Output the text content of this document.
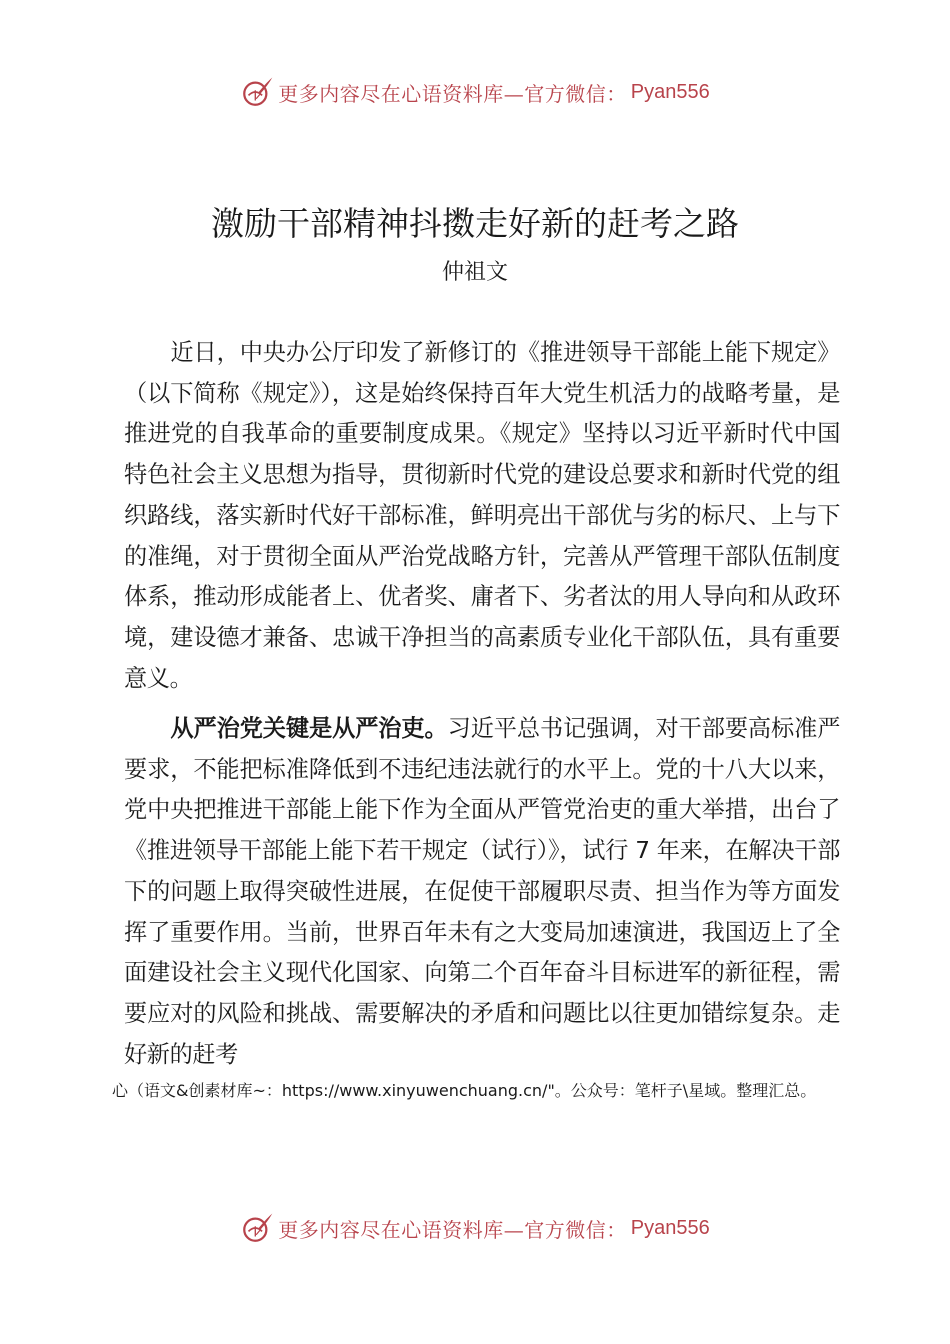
更多内容尽在心语资料库—官方微信： Pyan556
激励干部精神抖擞走好新的赶考之路
仲祖文

近日，中央办公厅印发了新修订的《推进领导干部能上能下规定》（以下简称《规定》），这是始终保持百年大党生机活力的战略考量，是推进党的自我革命的重要制度成果。《规定》坚持以习近平新时代中国特色社会主义思想为指导，贯彻新时代党的建设总要求和新时代党的组织路线，落实新时代好干部标准，鲜明亮出干部优与劣的标尺、上与下的准绳，对于贯彻全面从严治党战略方针，完善从严管理干部队伍制度体系，推动形成能者上、优者奖、庸者下、劣者汰的用人导向和从政环境，建设德才兼备、忠诚干净担当的高素质专业化干部队伍，具有重要意义。

从严治党关键是从严治吏。习近平总书记强调，对干部要高标准严要求，不能把标准降低到不违纪违法就行的水平上。党的十八大以来，党中央把推进干部能上能下作为全面从严管党治吏的重大举措，出台了《推进领导干部能上能下若干规定（试行）》，试行 7 年来，在解决干部下的问题上取得突破性进展，在促使干部履职尽责、担当作为等方面发挥了重要作用。当前，世界百年未有之大变局加速演进，我国迈上了全面建设社会主义现代化国家、向第二个百年奋斗目标进军的新征程，需要应对的风险和挑战、需要解决的矛盾和问题比以往更加错综复杂。走好新的赶考

心（语文&创素材库~：https://www.xinyuwenchuang.cn/"。公众号：笔杆子\星域。整理汇总。

更多内容尽在心语资料库—官方微信： Pyan556
